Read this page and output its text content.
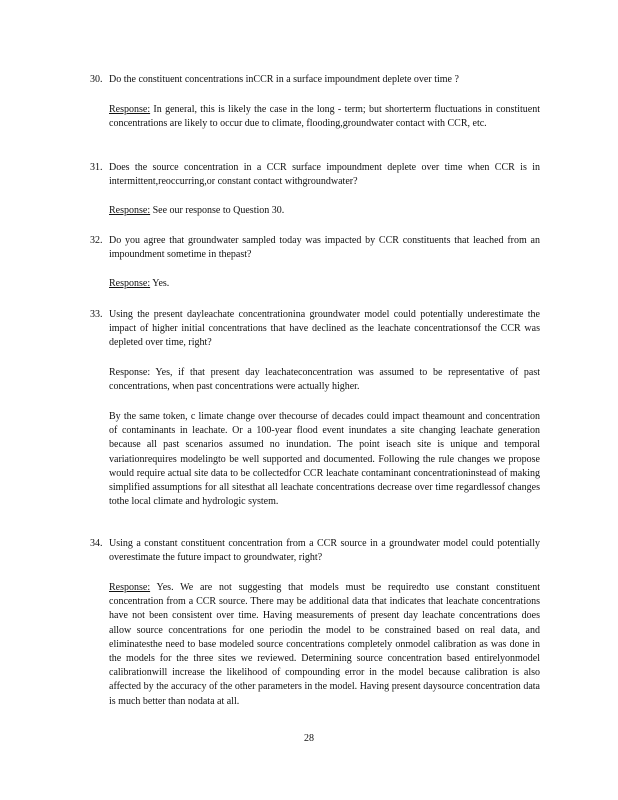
30. Do the constituent concentrations inCCR in a surface impoundment deplete over time ?
Response: In general, this is likely the case in the long - term; but shorterterm fluctuations in constituent concentrations are likely to occur due to climate, flooding,groundwater contact with CCR, etc.
31. Does the source concentration in a CCR surface impoundment deplete over time when CCR is in intermittent,reoccurring,or constant contact withgroundwater?
Response: See our response to Question 30.
32. Do you agree that groundwater sampled today was impacted by CCR constituents that leached from an impoundment sometime in thepast?
Response: Yes.
33. Using the present dayleachate concentrationina groundwater model could potentially underestimate the impact of higher initial concentrations that have declined as the leachate concentrationsof the CCR was depleted over time, right?
Response: Yes, if that present day leachateconcentration was assumed to be representative of past concentrations, when past concentrations were actually higher.
By the same token, c limate change over thecourse of decades could impact theamount and concentration of contaminants in leachate. Or a 100-year flood event inundates a site changing leachate generation because all past scenarios assumed no inundation. The point iseach site is unique and temporal variationrequires modelingto be well supported and documented. Following the rule changes we propose would require actual site data to be collectedfor CCR leachate contaminant concentrationinstead of making simplified assumptions for all sitesthat all leachate concentrations decrease over time regardlessof changes tothe local climate and hydrologic system.
34. Using a constant constituent concentration from a CCR source in a groundwater model could potentially overestimate the future impact to groundwater, right?
Response: Yes. We are not suggesting that models must be requiredto use constant constituent concentration from a CCR source. There may be additional data that indicates that leachate concentrations have not been consistent over time. Having measurements of present day leachate concentrations does allow source concentrations for one periodin the model to be constrained based on real data, and eliminatesthe need to base modeled source concentrations completely onmodel calibration as was done in the models for the three sites we reviewed. Determining source concentration based entirelyonmodel calibrationwill increase the likelihood of compounding error in the model because calibration is also affected by the accuracy of the other parameters in the model. Having present daysource concentration data is much better than nodata at all.
28
